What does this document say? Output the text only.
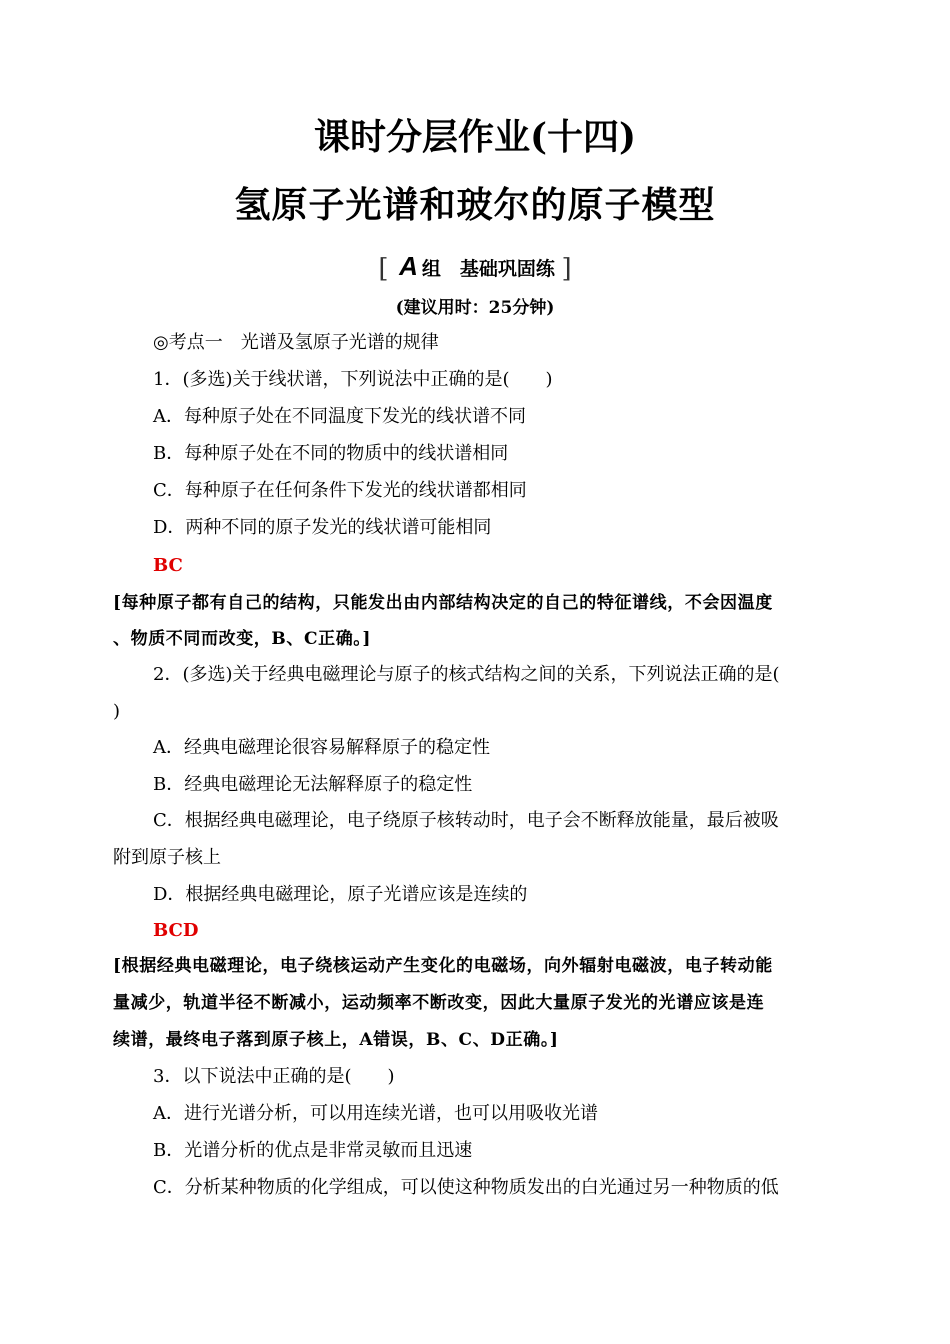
课时分层作业(十四)
氢原子光谱和玻尔的原子模型
[ A 组　基础巩固练 ]
(建议用时：25分钟)
◎考点一　光谱及氢原子光谱的规律
1．(多选)关于线状谱，下列说法中正确的是(　　)
A．每种原子处在不同温度下发光的线状谱不同
B．每种原子处在不同的物质中的线状谱相同
C．每种原子在任何条件下发光的线状谱都相同
D．两种不同的原子发光的线状谱可能相同
BC
[每种原子都有自己的结构，只能发出由内部结构决定的自己的特征谱线，不会因温度
、物质不同而改变，B、C正确。]
2．(多选)关于经典电磁理论与原子的核式结构之间的关系，下列说法正确的是(
)
A．经典电磁理论很容易解释原子的稳定性
B．经典电磁理论无法解释原子的稳定性
C．根据经典电磁理论，电子绕原子核转动时，电子会不断释放能量，最后被吸
附到原子核上
D．根据经典电磁理论，原子光谱应该是连续的
BCD
[根据经典电磁理论，电子绕核运动产生变化的电磁场，向外辐射电磁波，电子转动能
量减少，轨道半径不断减小，运动频率不断改变，因此大量原子发光的光谱应该是连
续谱，最终电子落到原子核上，A错误，B、C、D正确。]
3．以下说法中正确的是(　　)
A．进行光谱分析，可以用连续光谱，也可以用吸收光谱
B．光谱分析的优点是非常灵敏而且迅速
C．分析某种物质的化学组成，可以使这种物质发出的白光通过另一种物质的低
